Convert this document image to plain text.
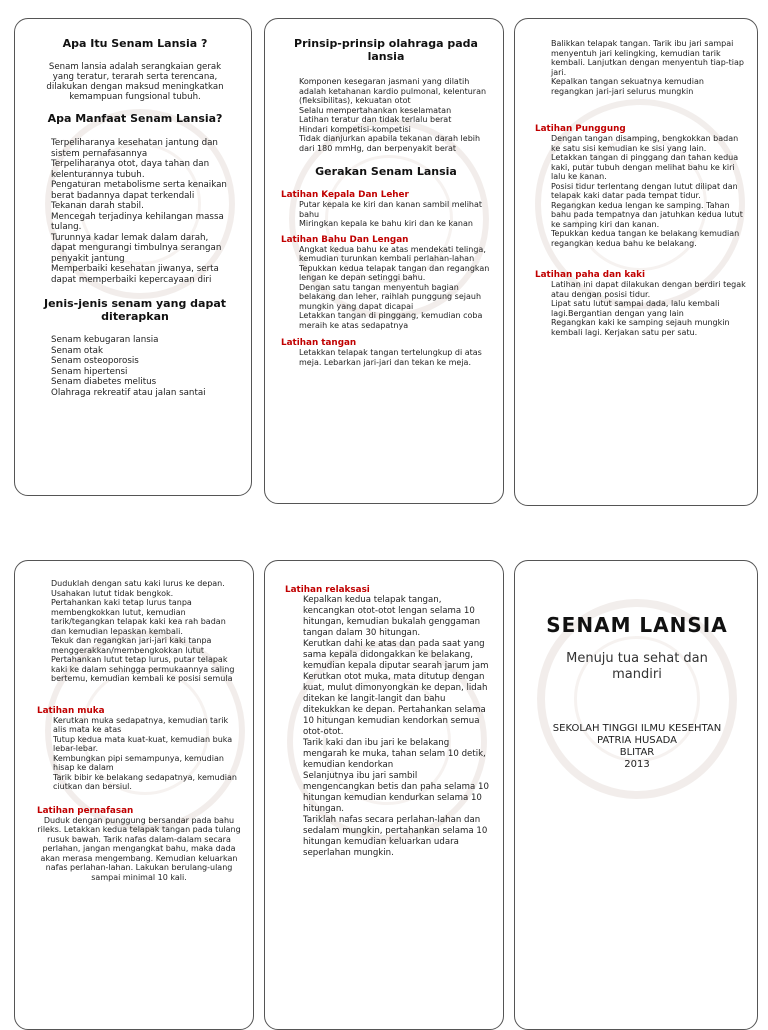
Apa Itu Senam Lansia ?

Senam lansia adalah serangkaian gerak yang teratur, terarah serta terencana, dilakukan dengan maksud meningkatkan kemampuan fungsional tubuh.

Apa Manfaat Senam Lansia?

Terpeliharanya kesehatan jantung dan sistem pernafasannya
Terpeliharanya otot, daya tahan dan kelenturannya tubuh.
Pengaturan metabolisme serta kenaikan berat badannya dapat terkendali
Tekanan darah stabil.
Mencegah terjadinya kehilangan massa tulang.
Turunnya kadar lemak dalam darah, dapat mengurangi timbulnya serangan penyakit jantung
Memperbaiki kesehatan jiwanya, serta dapat memperbaiki kepercayaan diri

Jenis-jenis senam yang dapat diterapkan

Senam kebugaran lansia
Senam otak
Senam osteoporosis
Senam hipertensi
Senam diabetes melitus
Olahraga rekreatif atau jalan santai

Prinsip-prinsip olahraga pada lansia

Komponen kesegaran jasmani yang dilatih adalah ketahanan kardio pulmonal, kelenturan (fleksibilitas), kekuatan otot
Selalu mempertahankan keselamatan
Latihan teratur dan tidak terlalu berat
Hindari kompetisi-kompetisi
Tidak dianjurkan apabila tekanan darah lebih dari 180 mmHg, dan berpenyakit berat

Gerakan Senam Lansia

Latihan Kepala Dan Leher

Putar kepala ke kiri dan kanan sambil melihat bahu
Miringkan kepala ke bahu kiri dan ke kanan

Latihan Bahu Dan Lengan

Angkat kedua bahu ke atas mendekati telinga, kemudian turunkan kembali perlahan-lahan
Tepukkan kedua telapak tangan dan regangkan lengan ke depan setinggi bahu.
Dengan satu tangan menyentuh bagian belakang dan leher, raihlah punggung sejauh mungkin yang dapat dicapai
Letakkan tangan di pinggang, kemudian coba meraih ke atas sedapatnya

Latihan tangan

Letakkan telapak tangan tertelungkup di atas meja. Lebarkan jari-jari dan tekan ke meja.

Balikkan telapak tangan. Tarik ibu jari sampai menyentuh jari kelingking, kemudian tarik kembali. Lanjutkan dengan menyentuh tiap-tiap jari.

Kepalkan tangan sekuatnya kemudian regangkan jari-jari selurus mungkin

Latihan Punggung

Dengan tangan disamping, bengkokkan badan ke satu sisi kemudian ke sisi yang lain.
Letakkan tangan di pinggang dan tahan kedua kaki, putar tubuh dengan melihat bahu ke kiri lalu ke kanan.
Posisi tidur terlentang dengan lutut dilipat dan telapak kaki datar pada tempat tidur. Regangkan kedua lengan ke samping. Tahan bahu pada tempatnya dan jatuhkan kedua lutut ke samping kiri dan kanan.
Tepukkan kedua tangan ke belakang kemudian regangkan kedua bahu ke belakang.

Latihan paha dan kaki

Latihan ini dapat dilakukan dengan berdiri tegak atau dengan posisi tidur.
Lipat satu lutut sampai dada, lalu kembali lagi.Bergantian dengan yang lain
Regangkan kaki ke samping sejauh mungkin kembali lagi. Kerjakan satu per satu.
Duduklah dengan satu kaki lurus ke depan. Usahakan lutut tidak bengkok.
Pertahankan kaki tetap lurus tanpa membengkokkan lutut, kemudian tarik/tegangkan telapak kaki kea rah badan dan kemudian lepaskan kembali.
Tekuk dan regangkan jari-jari kaki tanpa menggerakkan/membengkokkan lutut
Pertahankan lutut tetap lurus, putar telapak kaki ke dalam sehingga permukaannya saling bertemu, kemudian kembali ke posisi semula

Latihan muka

Kerutkan muka sedapatnya, kemudian tarik alis mata ke atas
Tutup kedua mata kuat-kuat, kemudian buka lebar-lebar.
Kembungkan pipi semampunya, kemudian hisap ke dalam
Tarik bibir ke belakang sedapatnya, kemudian ciutkan dan bersiul.

Latihan pernafasan

Duduk dengan punggung bersandar pada bahu rileks. Letakkan kedua telapak tangan pada tulang rusuk bawah. Tarik nafas dalam-dalam secara perlahan, jangan mengangkat bahu, maka dada akan merasa mengembang. Kemudian keluarkan nafas perlahan-lahan. Lakukan berulang-ulang sampai minimal 10 kali.

Latihan relaksasi

Kepalkan kedua telapak tangan, kencangkan otot-otot lengan selama 10 hitungan, kemudian bukalah genggaman tangan dalam 30 hitungan.
Kerutkan dahi ke atas dan pada saat yang sama kepala didongakkan ke belakang, kemudian kepala diputar searah jarum jam
Kerutkan otot muka, mata ditutup dengan kuat, mulut dimonyongkan ke depan, lidah ditekan ke langit-langit dan bahu ditekukkan ke depan. Pertahankan selama 10 hitungan kemudian kendorkan semua otot-otot.
Tarik kaki dan ibu jari ke belakang mengarah ke muka, tahan selam 10 detik, kemudian kendorkan
Selanjutnya ibu jari sambil mengencangkan betis dan paha selama 10 hitungan kemudian kendurkan selama 10 hitungan.
Tariklah nafas secara perlahan-lahan dan sedalam mungkin, pertahankan selama 10 hitungan kemudian keluarkan udara seperlahan mungkin.
SENAM LANSIA
Menuju tua sehat dan mandiri
SEKOLAH TINGGI ILMU KESEHTAN
PATRIA HUSADA
BLITAR
2013
